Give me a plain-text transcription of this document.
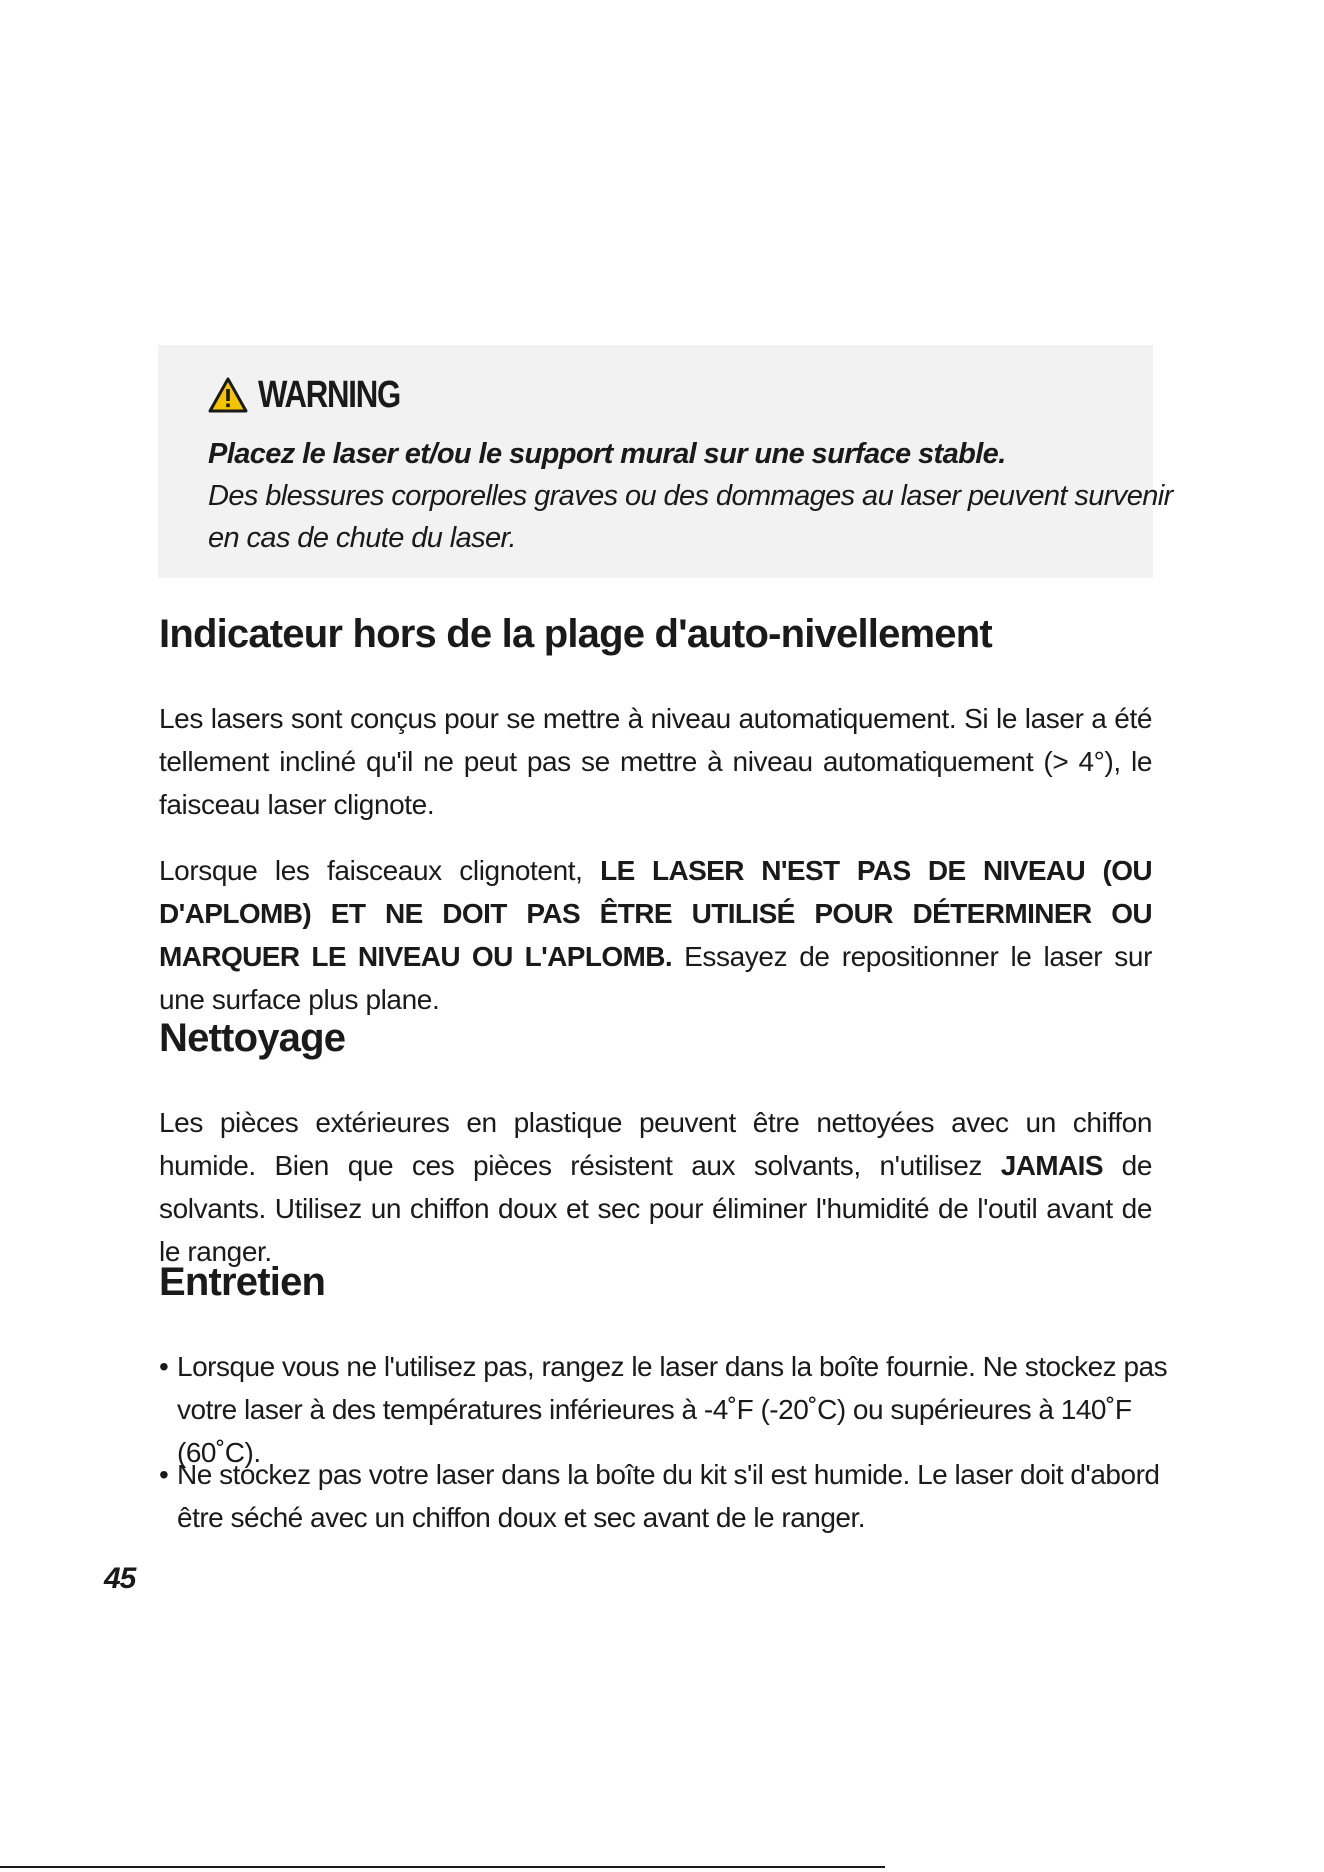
WARNING
Placez le laser et/ou le support mural sur une surface stable.
Des blessures corporelles graves ou des dommages au laser peuvent survenir
en cas de chute du laser.
Indicateur hors de la plage d'auto-nivellement
Les lasers sont conçus pour se mettre à niveau automatiquement. Si le laser a été tellement incliné qu'il ne peut pas se mettre à niveau automatiquement (> 4°), le faisceau laser clignote.
Lorsque les faisceaux clignotent, LE LASER N'EST PAS DE NIVEAU (OU D'APLOMB) ET NE DOIT PAS ÊTRE UTILISÉ POUR DÉTERMINER OU MARQUER LE NIVEAU OU L'APLOMB. Essayez de repositionner le laser sur une surface plus plane.
Nettoyage
Les pièces extérieures en plastique peuvent être nettoyées avec un chiffon humide. Bien que ces pièces résistent aux solvants, n'utilisez JAMAIS de solvants. Utilisez un chiffon doux et sec pour éliminer l'humidité de l'outil avant de le ranger.
Entretien
• Lorsque vous ne l'utilisez pas, rangez le laser dans la boîte fournie. Ne stockez pas votre laser à des températures inférieures à -4˚F (-20˚C) ou supérieures à 140˚F (60˚C).
• Ne stockez pas votre laser dans la boîte du kit s'il est humide. Le laser doit d'abord être séché avec un chiffon doux et sec avant de le ranger.
45
